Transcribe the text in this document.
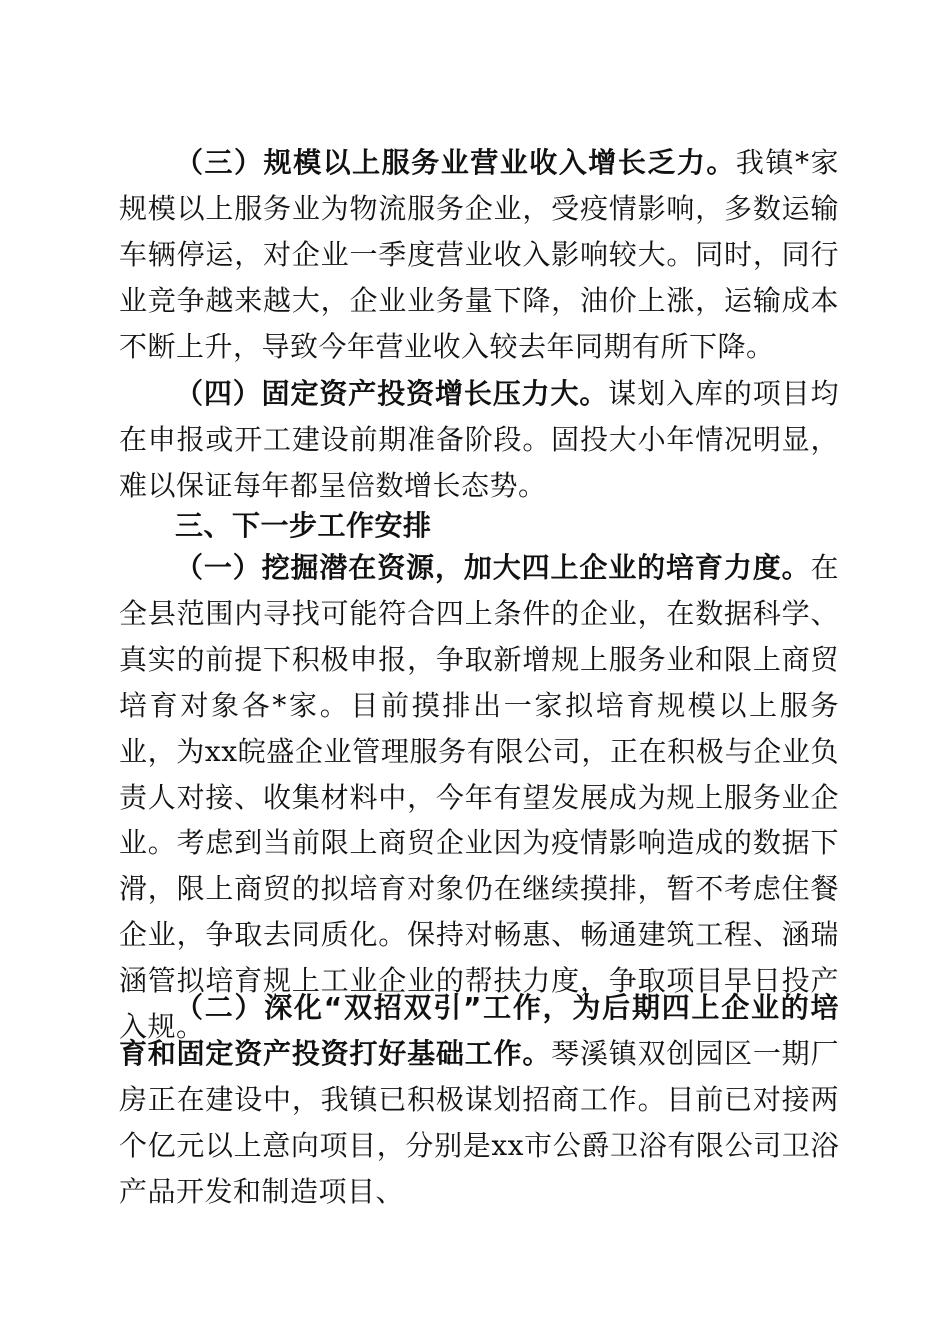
（三）规模以上服务业营业收入增长乏力。我镇*家规模以上服务业为物流服务企业，受疫情影响，多数运输车辆停运，对企业一季度营业收入影响较大。同时，同行业竞争越来越大，企业业务量下降，油价上涨，运输成本不断上升，导致今年营业收入较去年同期有所下降。

（四）固定资产投资增长压力大。谋划入库的项目均在申报或开工建设前期准备阶段。固投大小年情况明显，难以保证每年都呈倍数增长态势。

三、下一步工作安排

（一）挖掘潜在资源，加大四上企业的培育力度。在全县范围内寻找可能符合四上条件的企业，在数据科学、真实的前提下积极申报，争取新增规上服务业和限上商贸培育对象各*家。目前摸排出一家拟培育规模以上服务业，为xx皖盛企业管理服务有限公司，正在积极与企业负责人对接、收集材料中，今年有望发展成为规上服务业企业。考虑到当前限上商贸企业因为疫情影响造成的数据下滑，限上商贸的拟培育对象仍在继续摸排，暂不考虑住餐企业，争取去同质化。保持对畅惠、畅通建筑工程、涵瑞涵管拟培育规上工业企业的帮扶力度，争取项目早日投产入规。

（二）深化“双招双引”工作，为后期四上企业的培育和固定资产投资打好基础工作。琴溪镇双创园区一期厂房正在建设中，我镇已积极谋划招商工作。目前已对接两个亿元以上意向项目，分别是xx市公爵卫浴有限公司卫浴产品开发和制造项目、
